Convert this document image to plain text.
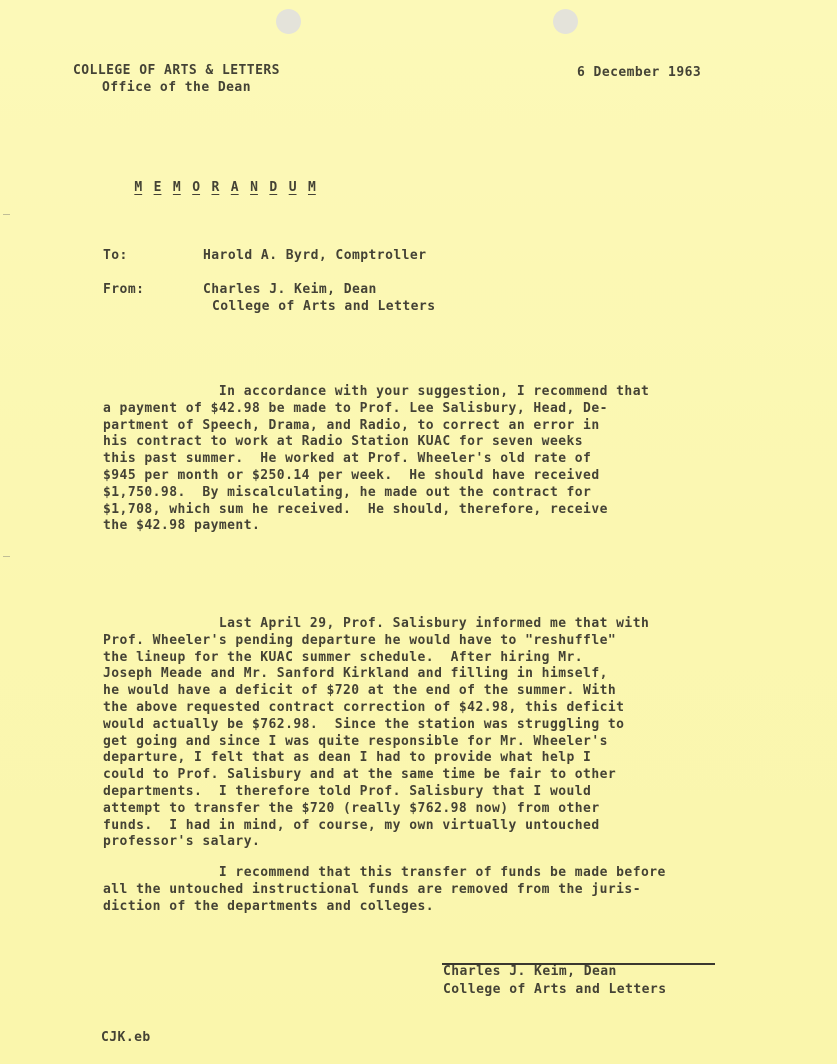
COLLEGE OF ARTS & LETTERS
Office of the Dean
6 December 1963

M E M O R A N D U M

To:	Harold A. Byrd, Comptroller
From:	Charles J. Keim, Dean
College of Arts and Letters
In accordance with your suggestion, I recommend that
a payment of $42.98 be made to Prof. Lee Salisbury, Head, De-
partment of Speech, Drama, and Radio, to correct an error in
his contract to work at Radio Station KUAC for seven weeks
this past summer.  He worked at Prof. Wheeler's old rate of
$945 per month or $250.14 per week.  He should have received
$1,750.98.  By miscalculating, he made out the contract for
$1,708, which sum he received.  He should, therefore, receive
the $42.98 payment.
Last April 29, Prof. Salisbury informed me that with
Prof. Wheeler's pending departure he would have to "reshuffle"
the lineup for the KUAC summer schedule.  After hiring Mr.
Joseph Meade and Mr. Sanford Kirkland and filling in himself,
he would have a deficit of $720 at the end of the summer. With
the above requested contract correction of $42.98, this deficit
would actually be $762.98.  Since the station was struggling to
get going and since I was quite responsible for Mr. Wheeler's
departure, I felt that as dean I had to provide what help I
could to Prof. Salisbury and at the same time be fair to other
departments.  I therefore told Prof. Salisbury that I would
attempt to transfer the $720 (really $762.98 now) from other
funds.  I had in mind, of course, my own virtually untouched
professor's salary.
I recommend that this transfer of funds be made before
all the untouched instructional funds are removed from the juris-
diction of the departments and colleges.
Charles J. Keim, Dean
College of Arts and Letters
CJK.eb
